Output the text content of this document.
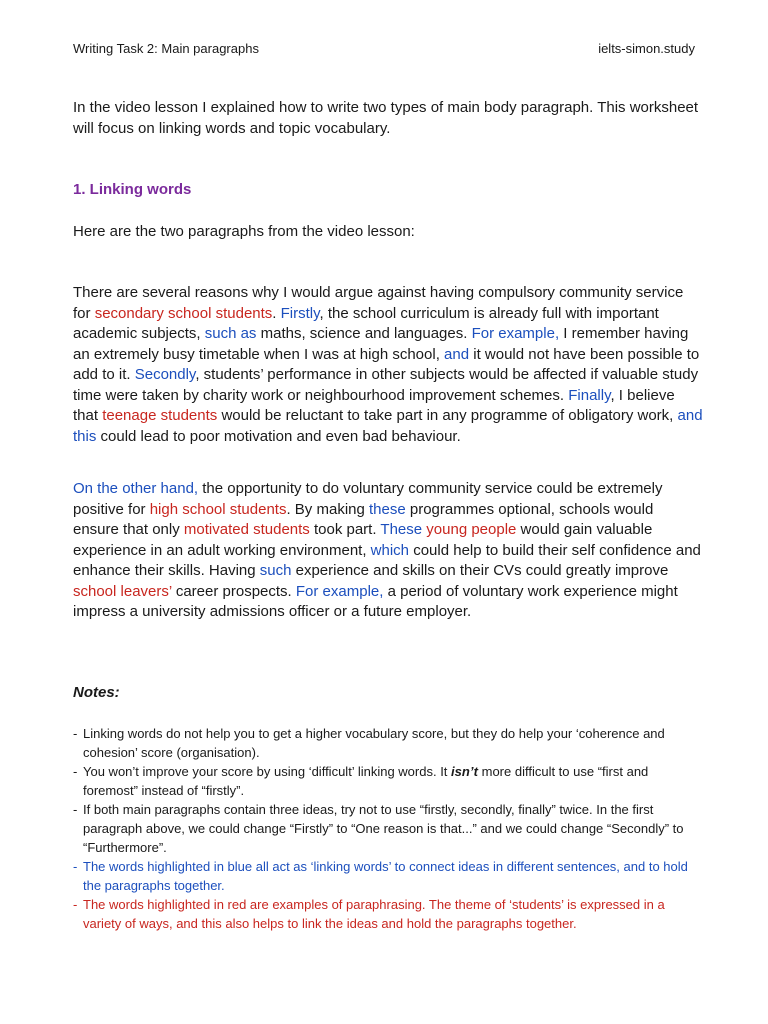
Writing Task 2: Main paragraphs	ielts-simon.study

In the video lesson I explained how to write two types of main body paragraph. This worksheet will focus on linking words and topic vocabulary.

1. Linking words
Here are the two paragraphs from the video lesson:

There are several reasons why I would argue against having compulsory community service for secondary school students. Firstly, the school curriculum is already full with important academic subjects, such as maths, science and languages. For example, I remember having an extremely busy timetable when I was at high school, and it would not have been possible to add to it. Secondly, students’ performance in other subjects would be affected if valuable study time were taken by charity work or neighbourhood improvement schemes. Finally, I believe that teenage students would be reluctant to take part in any programme of obligatory work, and this could lead to poor motivation and even bad behaviour.

On the other hand, the opportunity to do voluntary community service could be extremely positive for high school students. By making these programmes optional, schools would ensure that only motivated students took part. These young people would gain valuable experience in an adult working environment, which could help to build their self confidence and enhance their skills. Having such experience and skills on their CVs could greatly improve school leavers’ career prospects. For example, a period of voluntary work experience might impress a university admissions officer or a future employer.

Notes:
- Linking words do not help you to get a higher vocabulary score, but they do help your ‘coherence and cohesion’ score (organisation).
- You won’t improve your score by using ‘difficult’ linking words. It isn’t more difficult to use “first and foremost” instead of “firstly”.
- If both main paragraphs contain three ideas, try not to use “firstly, secondly, finally” twice. In the first paragraph above, we could change “Firstly” to “One reason is that...” and we could change “Secondly” to “Furthermore”.
- The words highlighted in blue all act as ‘linking words’ to connect ideas in different sentences, and to hold the paragraphs together.
- The words highlighted in red are examples of paraphrasing. The theme of ‘students’ is expressed in a variety of ways, and this also helps to link the ideas and hold the paragraphs together.
